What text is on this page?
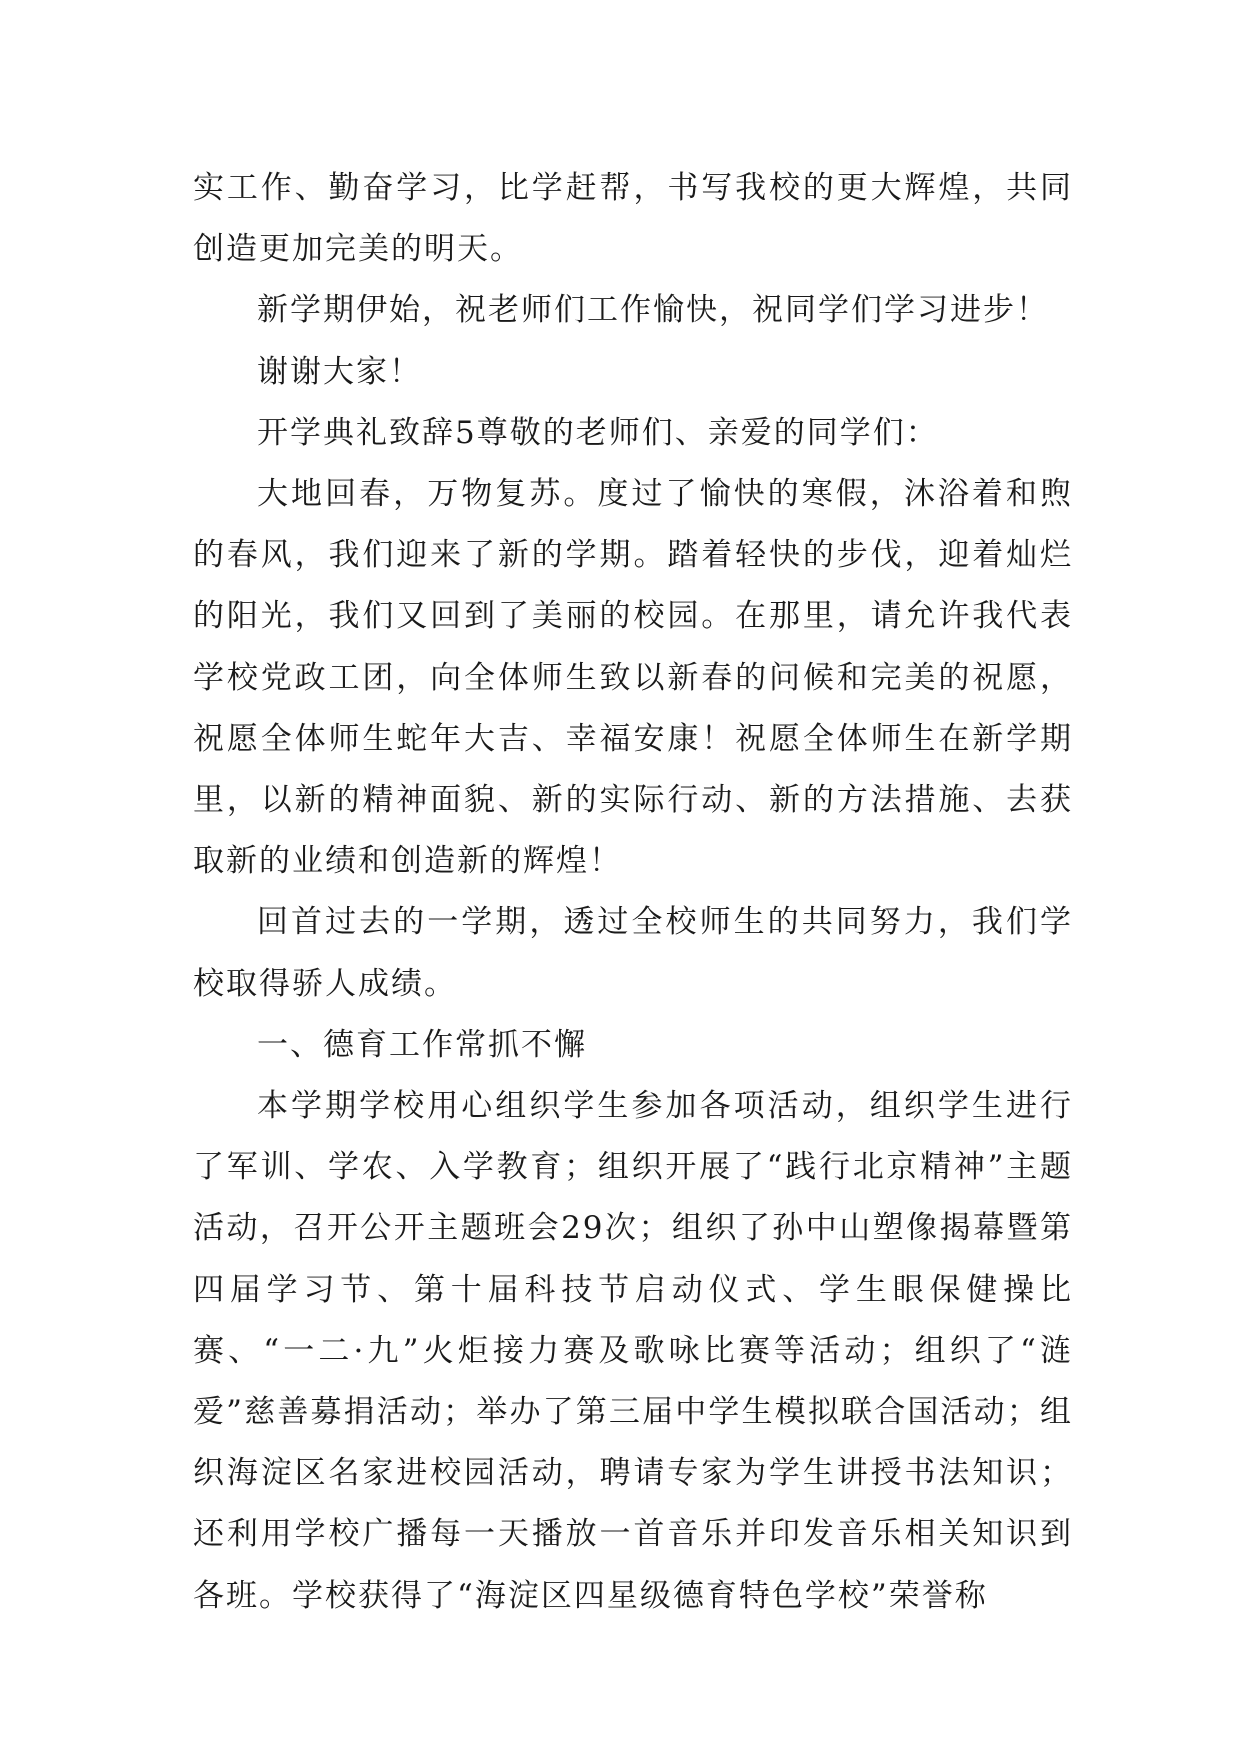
实工作、勤奋学习，比学赶帮，书写我校的更大辉煌，共同创造更加完美的明天。

新学期伊始，祝老师们工作愉快，祝同学们学习进步！

谢谢大家！

开学典礼致辞5尊敬的老师们、亲爱的同学们：

大地回春，万物复苏。度过了愉快的寒假，沐浴着和煦的春风，我们迎来了新的学期。踏着轻快的步伐，迎着灿烂的阳光，我们又回到了美丽的校园。在那里，请允许我代表学校党政工团，向全体师生致以新春的问候和完美的祝愿，祝愿全体师生蛇年大吉、幸福安康！祝愿全体师生在新学期里，以新的精神面貌、新的实际行动、新的方法措施、去获取新的业绩和创造新的辉煌！

回首过去的一学期，透过全校师生的共同努力，我们学校取得骄人成绩。

一、德育工作常抓不懈

本学期学校用心组织学生参加各项活动，组织学生进行了军训、学农、入学教育；组织开展了“践行北京精神”主题活动，召开公开主题班会29次；组织了孙中山塑像揭幕暨第四届学习节、第十届科技节启动仪式、学生眼保健操比赛、“一二·九”火炬接力赛及歌咏比赛等活动；组织了“涟爱”慈善募捐活动；举办了第三届中学生模拟联合国活动；组织海淀区名家进校园活动，聘请专家为学生讲授书法知识；还利用学校广播每一天播放一首音乐并印发音乐相关知识到各班。学校获得了“海淀区四星级德育特色学校”荣誉称
